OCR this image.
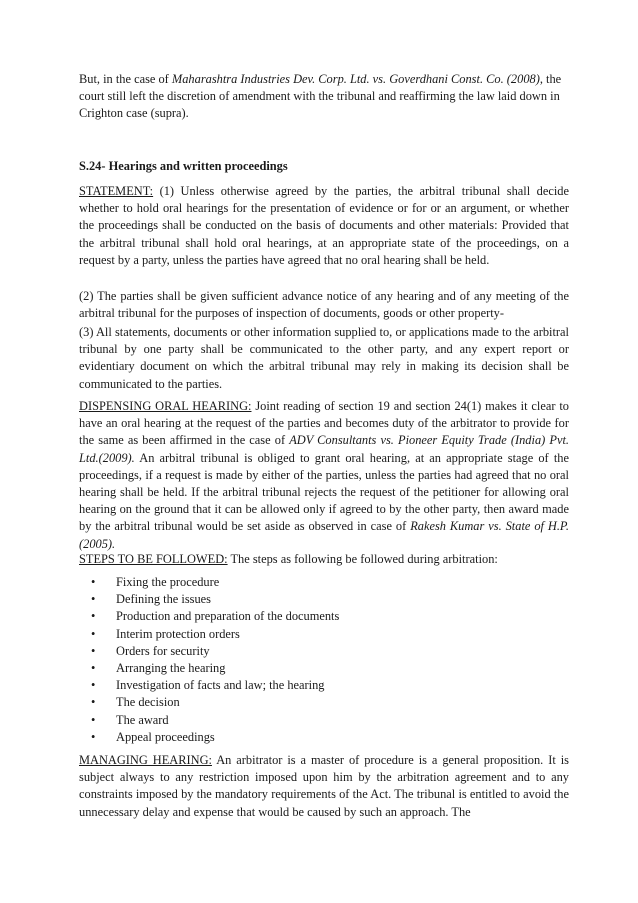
But, in the case of Maharashtra Industries Dev. Corp. Ltd. vs. Goverdhani Const. Co. (2008), the court still left the discretion of amendment with the tribunal and reaffirming the law laid down in Crighton case (supra).

S.24- Hearings and written proceedings

STATEMENT: (1) Unless otherwise agreed by the parties, the arbitral tribunal shall decide whether to hold oral hearings for the presentation of evidence or for or an argument, or whether the proceedings shall be conducted on the basis of documents and other materials: Provided that the arbitral tribunal shall hold oral hearings, at an appropriate state of the proceedings, on a request by a party, unless the parties have agreed that no oral hearing shall be held.

(2) The parties shall be given sufficient advance notice of any hearing and of any meeting of the arbitral tribunal for the purposes of inspection of documents, goods or other property-

(3) All statements, documents or other information supplied to, or applications made to the arbitral tribunal by one party shall be communicated to the other party, and any expert report or evidentiary document on which the arbitral tribunal may rely in making its decision shall be communicated to the parties.

DISPENSING ORAL HEARING: Joint reading of section 19 and section 24(1) makes it clear to have an oral hearing at the request of the parties and becomes duty of the arbitrator to provide for the same as been affirmed in the case of ADV Consultants vs. Pioneer Equity Trade (India) Pvt. Ltd.(2009). An arbitral tribunal is obliged to grant oral hearing, at an appropriate stage of the proceedings, if a request is made by either of the parties, unless the parties had agreed that no oral hearing shall be held. If the arbitral tribunal rejects the request of the petitioner for allowing oral hearing on the ground that it can be allowed only if agreed to by the other party, then award made by the arbitral tribunal would be set aside as observed in case of Rakesh Kumar vs. State of H.P. (2005).

STEPS TO BE FOLLOWED: The steps as following be followed during arbitration:

• Fixing the procedure
• Defining the issues
• Production and preparation of the documents
• Interim protection orders
• Orders for security
• Arranging the hearing
• Investigation of facts and law; the hearing
• The decision
• The award
• Appeal proceedings

MANAGING HEARING: An arbitrator is a master of procedure is a general proposition. It is subject always to any restriction imposed upon him by the arbitration agreement and to any constraints imposed by the mandatory requirements of the Act. The tribunal is entitled to avoid the unnecessary delay and expense that would be caused by such an approach. The
